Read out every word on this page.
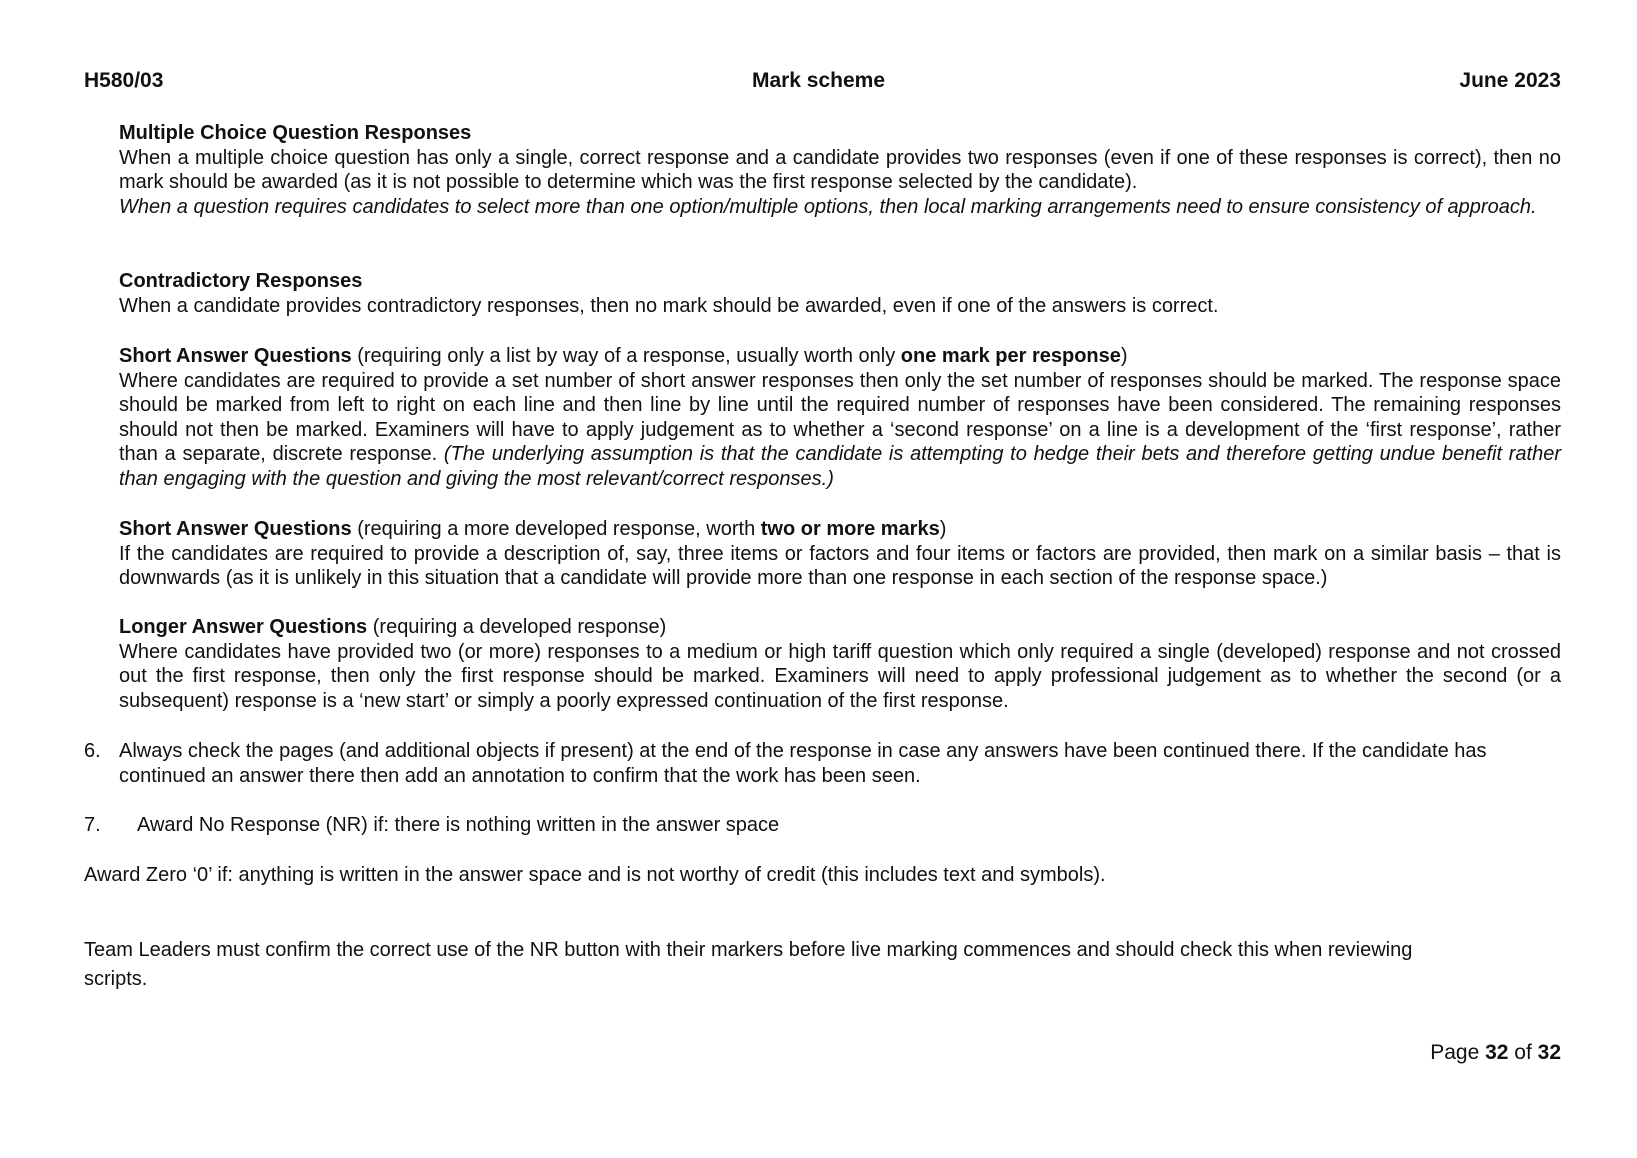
H580/03	Mark scheme	June 2023

Multiple Choice Question Responses

When a multiple choice question has only a single, correct response and a candidate provides two responses (even if one of these responses is correct), then no mark should be awarded (as it is not possible to determine which was the first response selected by the candidate).

When a question requires candidates to select more than one option/multiple options, then local marking arrangements need to ensure consistency of approach.

Contradictory Responses

When a candidate provides contradictory responses, then no mark should be awarded, even if one of the answers is correct.

Short Answer Questions (requiring only a list by way of a response, usually worth only one mark per response)

Where candidates are required to provide a set number of short answer responses then only the set number of responses should be marked. The response space should be marked from left to right on each line and then line by line until the required number of responses have been considered. The remaining responses should not then be marked. Examiners will have to apply judgement as to whether a ‘second response’ on a line is a development of the ‘first response’, rather than a separate, discrete response. (The underlying assumption is that the candidate is attempting to hedge their bets and therefore getting undue benefit rather than engaging with the question and giving the most relevant/correct responses.)

Short Answer Questions (requiring a more developed response, worth two or more marks)

If the candidates are required to provide a description of, say, three items or factors and four items or factors are provided, then mark on a similar basis – that is downwards (as it is unlikely in this situation that a candidate will provide more than one response in each section of the response space.)

Longer Answer Questions (requiring a developed response)

Where candidates have provided two (or more) responses to a medium or high tariff question which only required a single (developed) response and not crossed out the first response, then only the first response should be marked. Examiners will need to apply professional judgement as to whether the second (or a subsequent) response is a ‘new start’ or simply a poorly expressed continuation of the first response.

6. Always check the pages (and additional objects if present) at the end of the response in case any answers have been continued there. If the candidate has continued an answer there then add an annotation to confirm that the work has been seen.
7. Award No Response (NR) if: there is nothing written in the answer space
Award Zero ‘0’ if: anything is written in the answer space and is not worthy of credit (this includes text and symbols).
Team Leaders must confirm the correct use of the NR button with their markers before live marking commences and should check this when reviewing
scripts.
Page 32 of 32
